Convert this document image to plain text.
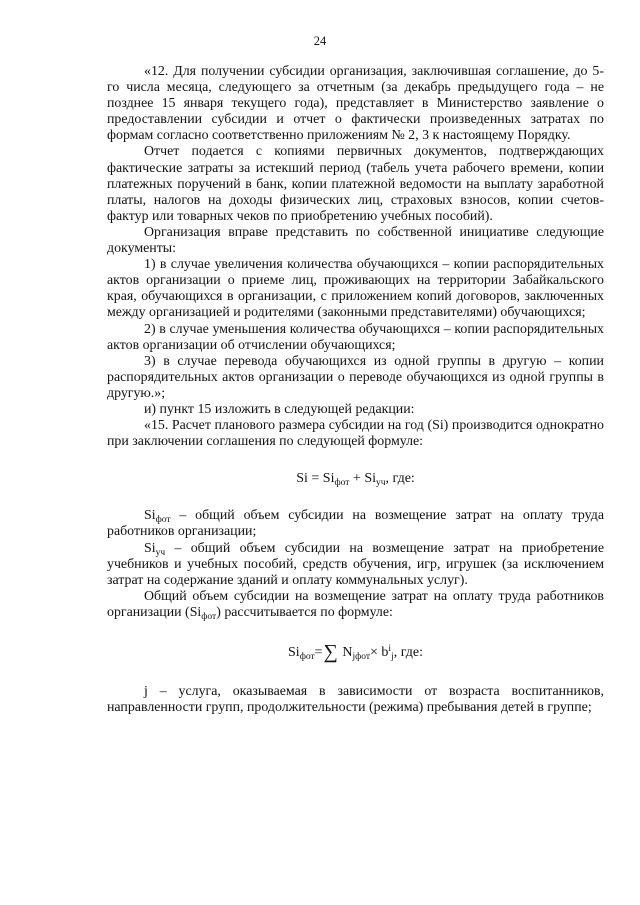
24

«12. Для получении субсидии организация, заключившая соглашение, до 5-го числа месяца, следующего за отчетным (за декабрь предыдущего года – не позднее 15 января текущего года), представляет в Министерство заявление о предоставлении субсидии и отчет о фактически произведенных затратах по формам согласно соответственно приложениям № 2, 3 к настоящему Порядку.

Отчет подается с копиями первичных документов, подтверждающих фактические затраты за истекший период (табель учета рабочего времени, копии платежных поручений в банк, копии платежной ведомости на выплату заработной платы, налогов на доходы физических лиц, страховых взносов, копии счетов-фактур или товарных чеков по приобретению учебных пособий).

Организация вправе представить по собственной инициативе следующие документы:

1) в случае увеличения количества обучающихся – копии распорядительных актов организации о приеме лиц, проживающих на территории Забайкальского края, обучающихся в организации, с приложением копий договоров, заключенных между организацией и родителями (законными представителями) обучающихся;

2) в случае уменьшения количества обучающихся – копии распорядительных актов организации об отчислении обучающихся;

3) в случае перевода обучающихся из одной группы в другую – копии распорядительных актов организации о переводе обучающихся из одной группы в другую.»;

и) пункт 15 изложить в следующей редакции:

«15. Расчет планового размера субсидии на год (Si) производится однократно при заключении соглашения по следующей формуле:

$Si = Si_{фот} + Si_{уч}$, где:

$Si_{фот}$ – общий объем субсидии на возмещение затрат на оплату труда работников организации;

$Si_{уч}$ – общий объем субсидии на возмещение затрат на приобретение учебников и учебных пособий, средств обучения, игр, игрушек (за исключением затрат на содержание зданий и оплату коммунальных услуг).

Общий объем субсидии на возмещение затрат на оплату труда работников организации $(Si_{фот})$ рассчитывается по формуле:

$Si_{фот}=\sum$ $N_{jфот}\times b^i_j$, где:

j – услуга, оказываемая в зависимости от возраста воспитанников, направленности групп, продолжительности (режима) пребывания детей в группе;
